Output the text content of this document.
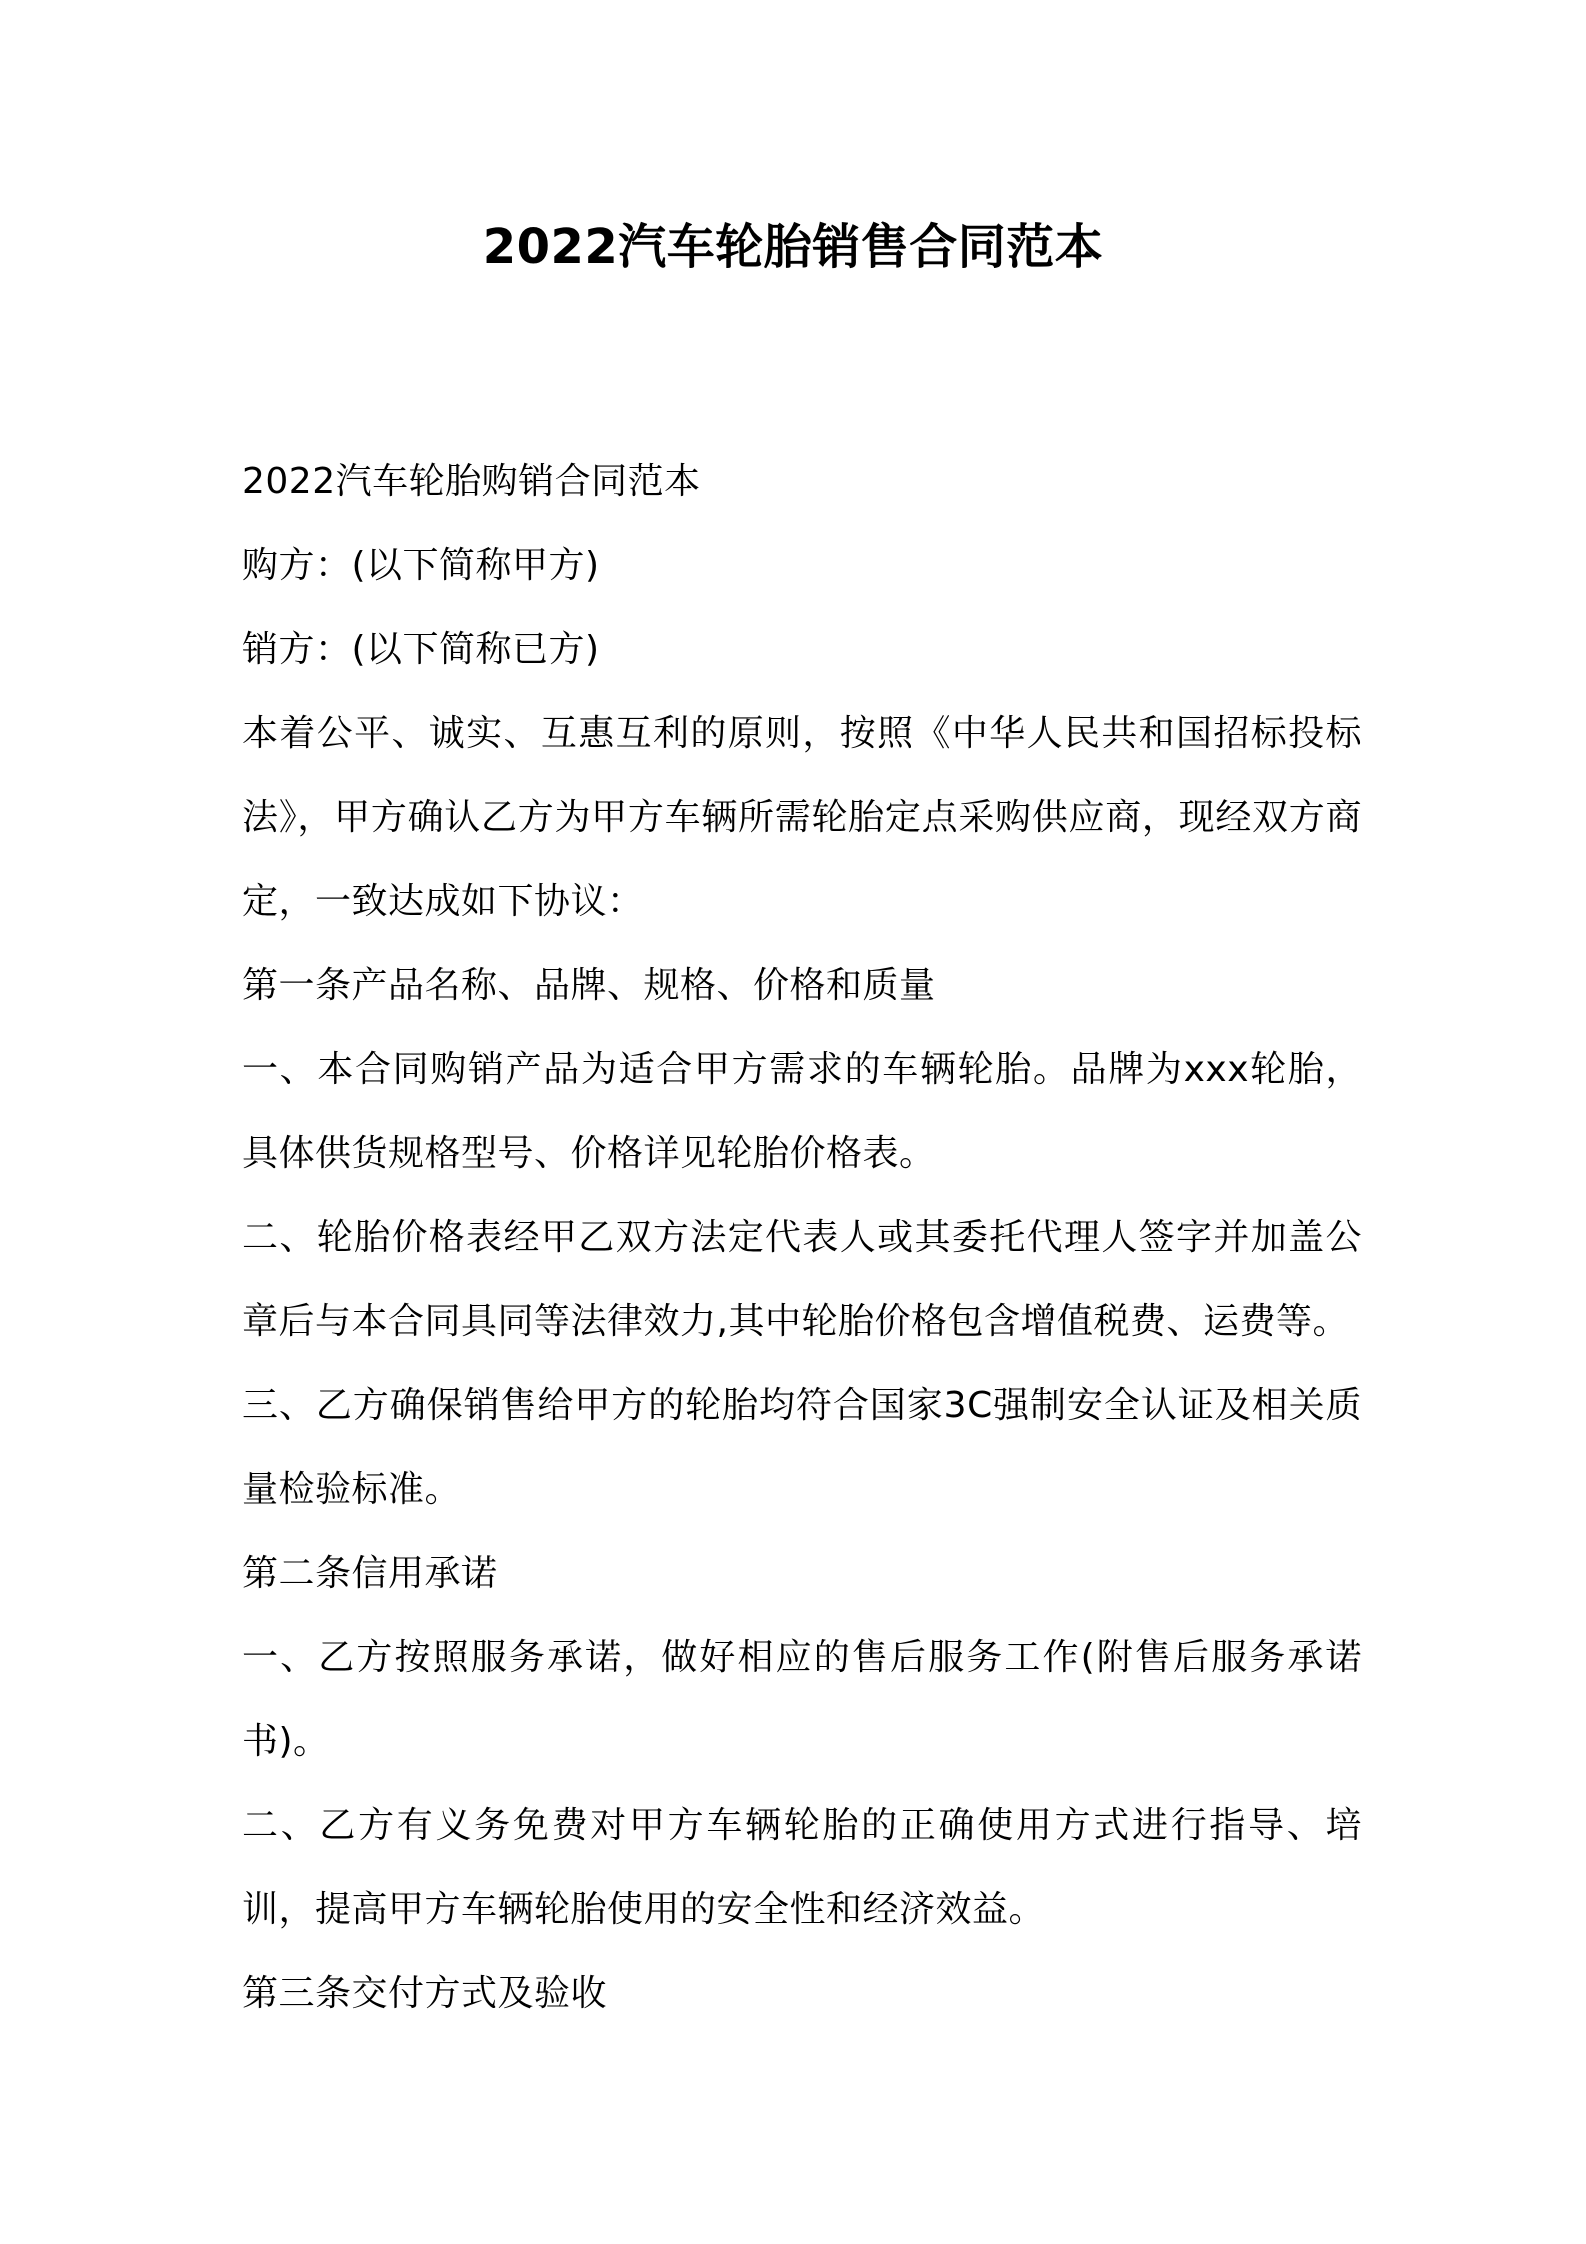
2022汽车轮胎销售合同范本

2022汽车轮胎购销合同范本

购方：(以下简称甲方)

销方：(以下简称已方)

本着公平、诚实、互惠互利的原则，按照《中华人民共和国招标投标法》，甲方确认乙方为甲方车辆所需轮胎定点采购供应商，现经双方商定，一致达成如下协议：

第一条产品名称、品牌、规格、价格和质量

一、本合同购销产品为适合甲方需求的车辆轮胎。品牌为xxx轮胎，具体供货规格型号、价格详见轮胎价格表。

二、轮胎价格表经甲乙双方法定代表人或其委托代理人签字并加盖公章后与本合同具同等法律效力,其中轮胎价格包含增值税费、运费等。

三、乙方确保销售给甲方的轮胎均符合国家3C强制安全认证及相关质量检验标准。

第二条信用承诺

一、乙方按照服务承诺，做好相应的售后服务工作(附售后服务承诺书)。

二、乙方有义务免费对甲方车辆轮胎的正确使用方式进行指导、培训，提高甲方车辆轮胎使用的安全性和经济效益。

第三条交付方式及验收
